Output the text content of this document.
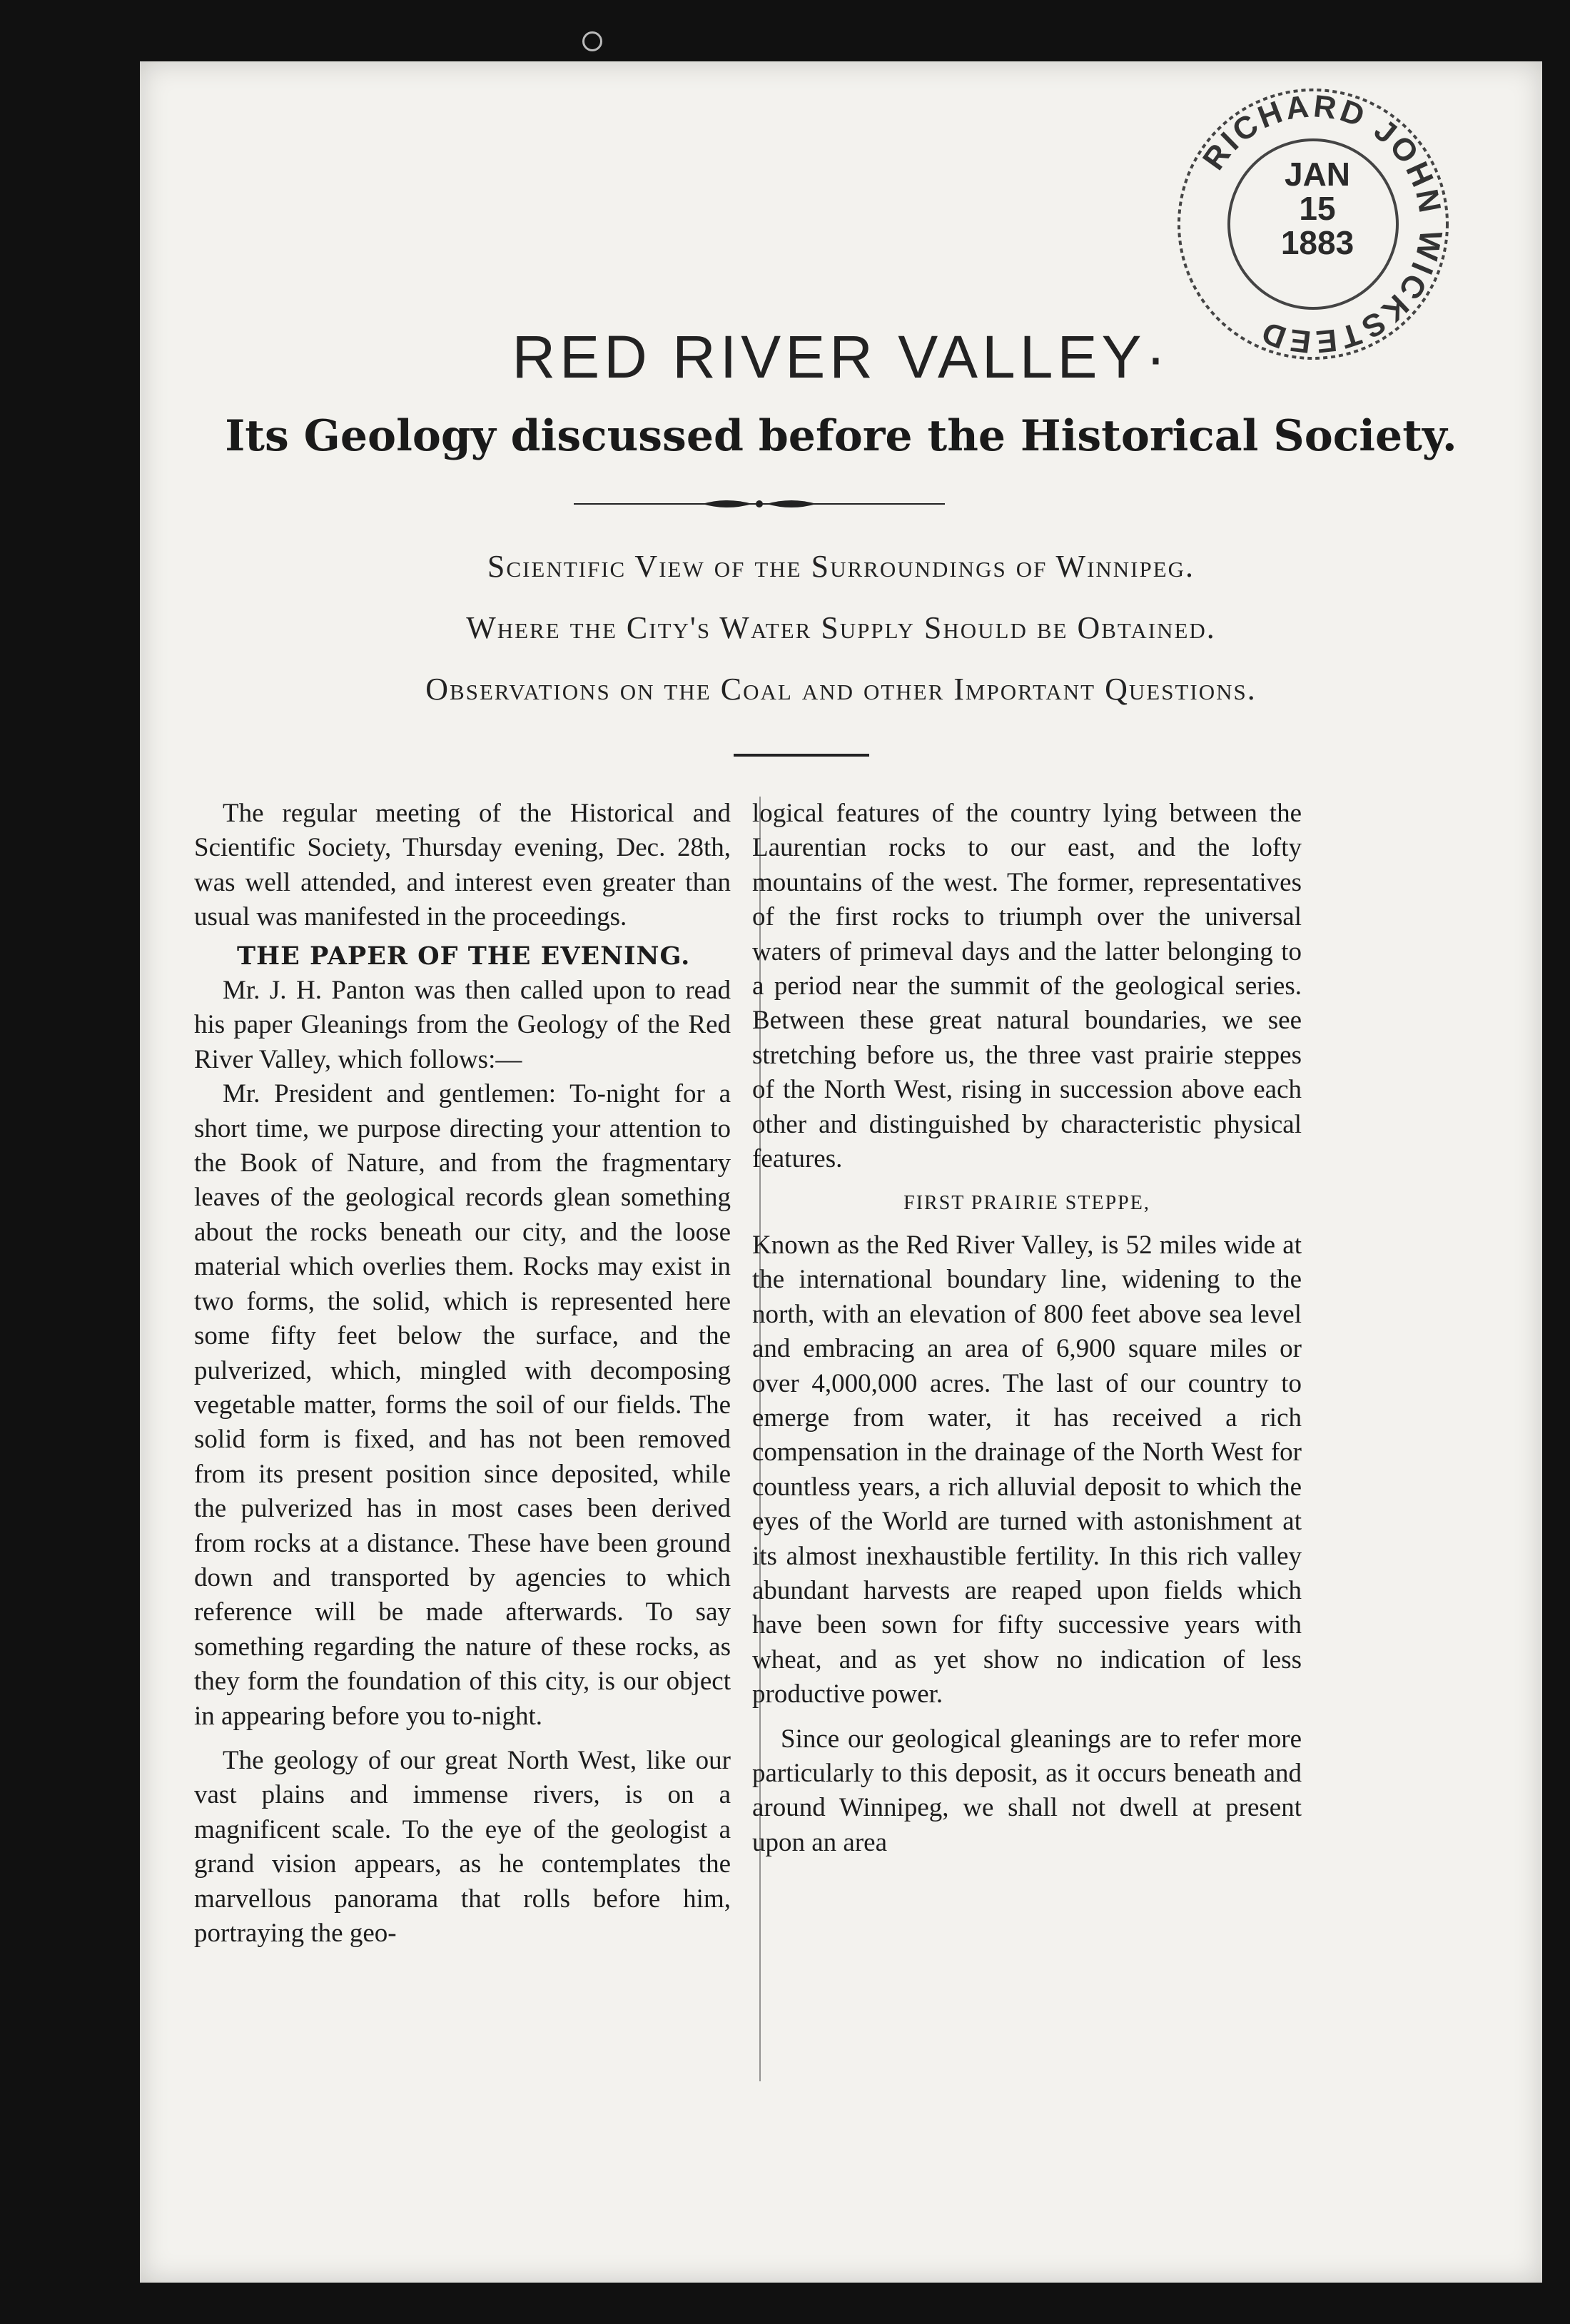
RED RIVER VALLEY·
Its Geology discussed before the Historical Society.
Scientific View of the Surroundings of Winnipeg.
Where the City's Water Supply Should be Obtained.
Observations on the Coal and other Important Questions.

The regular meeting of the Historical and Scientific Society, Thursday evening, Dec. 28th, was well attended, and interest even greater than usual was manifested in the proceedings.

THE PAPER OF THE EVENING.

Mr. J. H. Panton was then called upon to read his paper Gleanings from the Geology of the Red River Valley, which follows:—

Mr. President and gentlemen: To-night for a short time, we purpose directing your attention to the Book of Nature, and from the fragmentary leaves of the geological records glean something about the rocks beneath our city, and the loose material which overlies them. Rocks may exist in two forms, the solid, which is represented here some fifty feet below the surface, and the pulverized, which, mingled with decomposing vegetable matter, forms the soil of our fields. The solid form is fixed, and has not been removed from its present position since deposited, while the pulverized has in most cases been derived from rocks at a distance. These have been ground down and transported by agencies to which reference will be made afterwards. To say something regarding the nature of these rocks, as they form the foundation of this city, is our object in appearing before you to-night.

The geology of our great North West, like our vast plains and immense rivers, is on a magnificent scale. To the eye of the geologist a grand vision appears, as he contemplates the marvellous panorama that rolls before him, portraying the geo-

logical features of the country lying between the Laurentian rocks to our east, and the lofty mountains of the west. The former, representatives of the first rocks to triumph over the universal waters of primeval days and the latter belonging to a period near the summit of the geological series. Between these great natural boundaries, we see stretching before us, the three vast prairie steppes of the North West, rising in succession above each other and distinguished by characteristic physical features.

FIRST PRAIRIE STEPPE,

Known as the Red River Valley, is 52 miles wide at the international boundary line, widening to the north, with an elevation of 800 feet above sea level and embracing an area of 6,900 square miles or over 4,000,000 acres. The last of our country to emerge from water, it has received a rich compensation in the drainage of the North West for countless years, a rich alluvial deposit to which the eyes of the World are turned with astonishment at its almost inexhaustible fertility. In this rich valley abundant harvests are reaped upon fields which have been sown for fifty successive years with wheat, and as yet show no indication of less productive power.

Since our geological gleanings are to refer more particularly to this deposit, as it occurs beneath and around Winnipeg, we shall not dwell at present upon an area

RICHARD JOHN WICKSTEED
JAN
15
1883
